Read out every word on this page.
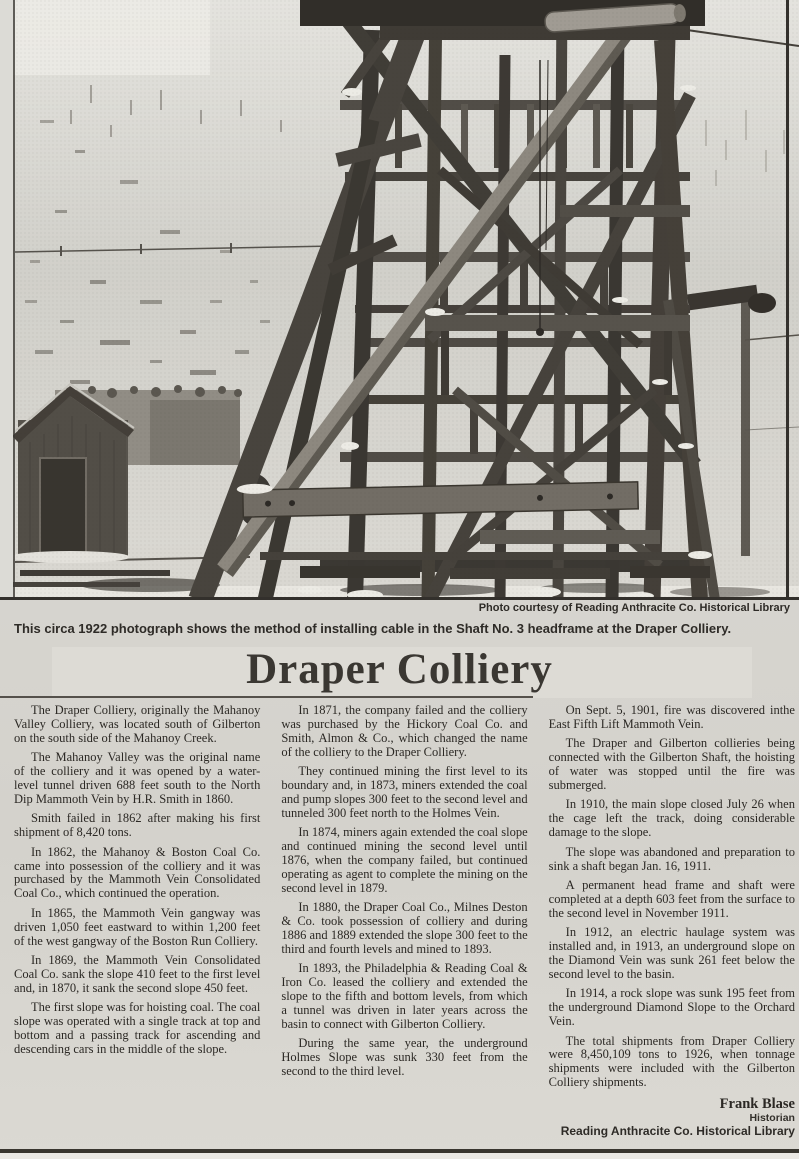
Photo courtesy of Reading Anthracite Co. Historical Library
This circa 1922 photograph shows the method of installing cable in the Shaft No. 3 headframe at the Draper Colliery.
Draper Colliery

The Draper Colliery, originally the Mahanoy Valley Colliery, was located south of Gilberton on the south side of the Mahanoy Creek.

The Mahanoy Valley was the original name of the colliery and it was opened by a water-level tunnel driven 688 feet south to the North Dip Mammoth Vein by H.R. Smith in 1860.

Smith failed in 1862 after making his first shipment of 8,420 tons.

In 1862, the Mahanoy & Boston Coal Co. came into possession of the colliery and it was purchased by the Mammoth Vein Consolidated Coal Co., which continued the operation.

In 1865, the Mammoth Vein gangway was driven 1,050 feet eastward to within 1,200 feet of the west gangway of the Boston Run Colliery.

In 1869, the Mammoth Vein Consolidated Coal Co. sank the slope 410 feet to the first level and, in 1870, it sank the second slope 450 feet.

The first slope was for hoisting coal. The coal slope was operated with a single track at top and bottom and a passing track for ascending and descending cars in the middle of the slope.

In 1871, the company failed and the colliery was purchased by the Hickory Coal Co. and Smith, Almon & Co., which changed the name of the colliery to the Draper Colliery.

They continued mining the first level to its boundary and, in 1873, miners extended the coal and pump slopes 300 feet to the second level and tunneled 300 feet north to the Holmes Vein.

In 1874, miners again extended the coal slope and continued mining the second level until 1876, when the company failed, but continued operating as agent to complete the mining on the second level in 1879.

In 1880, the Draper Coal Co., Milnes Deston & Co. took possession of colliery and during 1886 and 1889 extended the slope 300 feet to the third and fourth levels and mined to 1893.

In 1893, the Philadelphia & Reading Coal & Iron Co. leased the colliery and extended the slope to the fifth and bottom levels, from which a tunnel was driven in later years across the basin to connect with Gilberton Colliery.

During the same year, the underground Holmes Slope was sunk 330 feet from the second to the third level.

On Sept. 5, 1901, fire was discovered inthe East Fifth Lift Mammoth Vein.

The Draper and Gilberton collieries being connected with the Gilberton Shaft, the hoisting of water was stopped until the fire was submerged.

In 1910, the main slope closed July 26 when the cage left the track, doing considerable damage to the slope.

The slope was abandoned and preparation to sink a shaft began Jan. 16, 1911.

A permanent head frame and shaft were completed at a depth 603 feet from the surface to the second level in November 1911.

In 1912, an electric haulage system was installed and, in 1913, an underground slope on the Diamond Vein was sunk 261 feet below the second level to the basin.

In 1914, a rock slope was sunk 195 feet from the underground Diamond Slope to the Orchard Vein.

The total shipments from Draper Colliery were 8,450,109 tons to 1926, when tonnage shipments were included with the Gilberton Colliery shipments.

Frank Blase
Historian
Reading Anthracite Co. Historical Library
